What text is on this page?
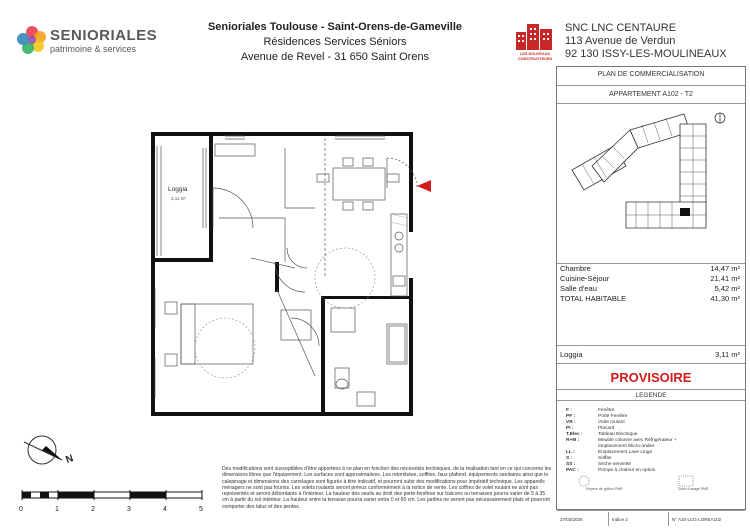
SENIORIALES
patrimoine & services
Senioriales Toulouse - Saint-Orens-de-Gameville
Résidences Services Séniors
Avenue de Revel - 31 650 Saint Orens	LES NOUVEAUX CONSTRUCTEURS
SNC LNC CENTAURE
113 Avenue de Verdun
92 130 ISSY-LES-MOULINEAUX
PLAN DE COMMERCIALISATION
APPARTEMENT A102 - T2
Chambre	14,47 m²
Cuisine-Séjour	21,41 m²
Salle d'eau	5,42 m²
TOTAL HABITABLE	41,30 m²
Loggia	3,11 m²
PROVISOIRE
LEGENDE
F :	Fenêtre
PF :	Porte Fenêtre
VR :	Volet roulant
Pl :	Placard
T.Elec :	Tableau Electrique
R+M :	Meuble colonne avec Réfrigérateur +
emplacement Micro-ondes
LL :	Emplacement Lave Linge
S :	Soffite
SS :	Sèche serviette
PAC :	Pompe à chaleur en option
Repère de gâtion PMR	Zone d'usage PMR
27/03/2026	Indice 2	N° A10-LCG-LOREA102
Loggia
3,11 m²
N
0	1	2	3	4	5
Des modifications sont susceptibles d'être apportées à ce plan en fonction des nécessités techniques, de la réalisation tant en ce qui concerne les dimensions libres que l'équipement. Les surfaces sont approximatives. Les retombées, soffites, faux plafond, équipements sanitaires ainsi que le calepinage et dimensions des carrelages sont figurés à titre indicatif, et pourront subir des modifications pour impératif technique. Les appareils ménagers ne sont pas fournis. Les volets roulants seront prévus conformément à la notice de vente. Les coffres de volet roulant ne sont pas représentés et seront débordants à l'intérieur. La hauteur des seuils au droit des porte-fenêtres sur balcons ou terrasses pourra varier de 5 à 35 cm à partir du sol intérieur. La hauteur entre la terrasse pourra varier entre 0 et 60 cm. Les jardins ne seront pas nécessairement plats et pourront comporter des talus et des pentes.
